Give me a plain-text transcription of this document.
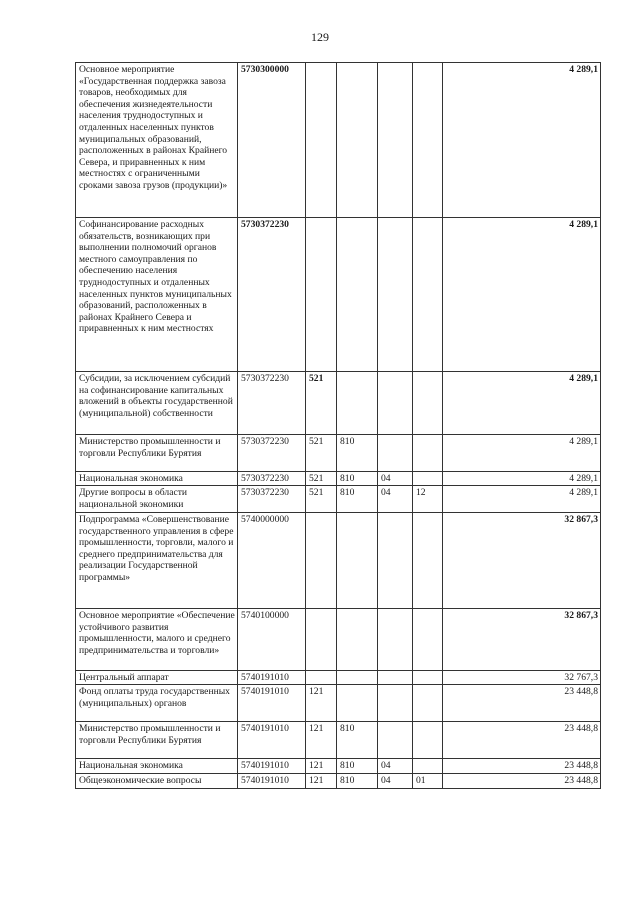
129
Основное мероприятие «Государственная поддержка завоза товаров, необходимых для обеспечения жизнедеятельности населения труднодоступных и отдаленных населенных пунктов муниципальных образований, расположенных в районах Крайнего Севера, и приравненных к ним местностях с ограниченными сроками завоза грузов (продукции)»	5730300000					4 289,1
Софинансирование расходных обязательств, возникающих при выполнении полномочий органов местного самоуправления по обеспечению населения труднодоступных и отдаленных населенных пунктов муниципальных образований, расположенных в районах Крайнего Севера и приравненных к ним местностях	5730372230					4 289,1
Субсидии, за исключением субсидий на софинансирование капитальных вложений в объекты государственной (муниципальной) собственности	5730372230	521				4 289,1
Министерство промышленности и торговли Республики Бурятия	5730372230	521	810			4 289,1
Национальная экономика	5730372230	521	810	04		4 289,1
Другие вопросы в области национальной экономики	5730372230	521	810	04	12	4 289,1
Подпрограмма «Совершенствование государственного управления в сфере промышленности, торговли, малого и среднего предпринимательства для реализации Государственной программы»	5740000000					32 867,3
Основное мероприятие «Обеспечение устойчивого развития промышленности, малого и среднего предпринимательства и торговли»	5740100000					32 867,3
Центральный аппарат	5740191010					32 767,3
Фонд оплаты труда государственных (муниципальных) органов	5740191010	121				23 448,8
Министерство промышленности и торговли Республики Бурятия	5740191010	121	810			23 448,8
Национальная экономика	5740191010	121	810	04		23 448,8
Общеэкономические вопросы	5740191010	121	810	04	01	23 448,8
